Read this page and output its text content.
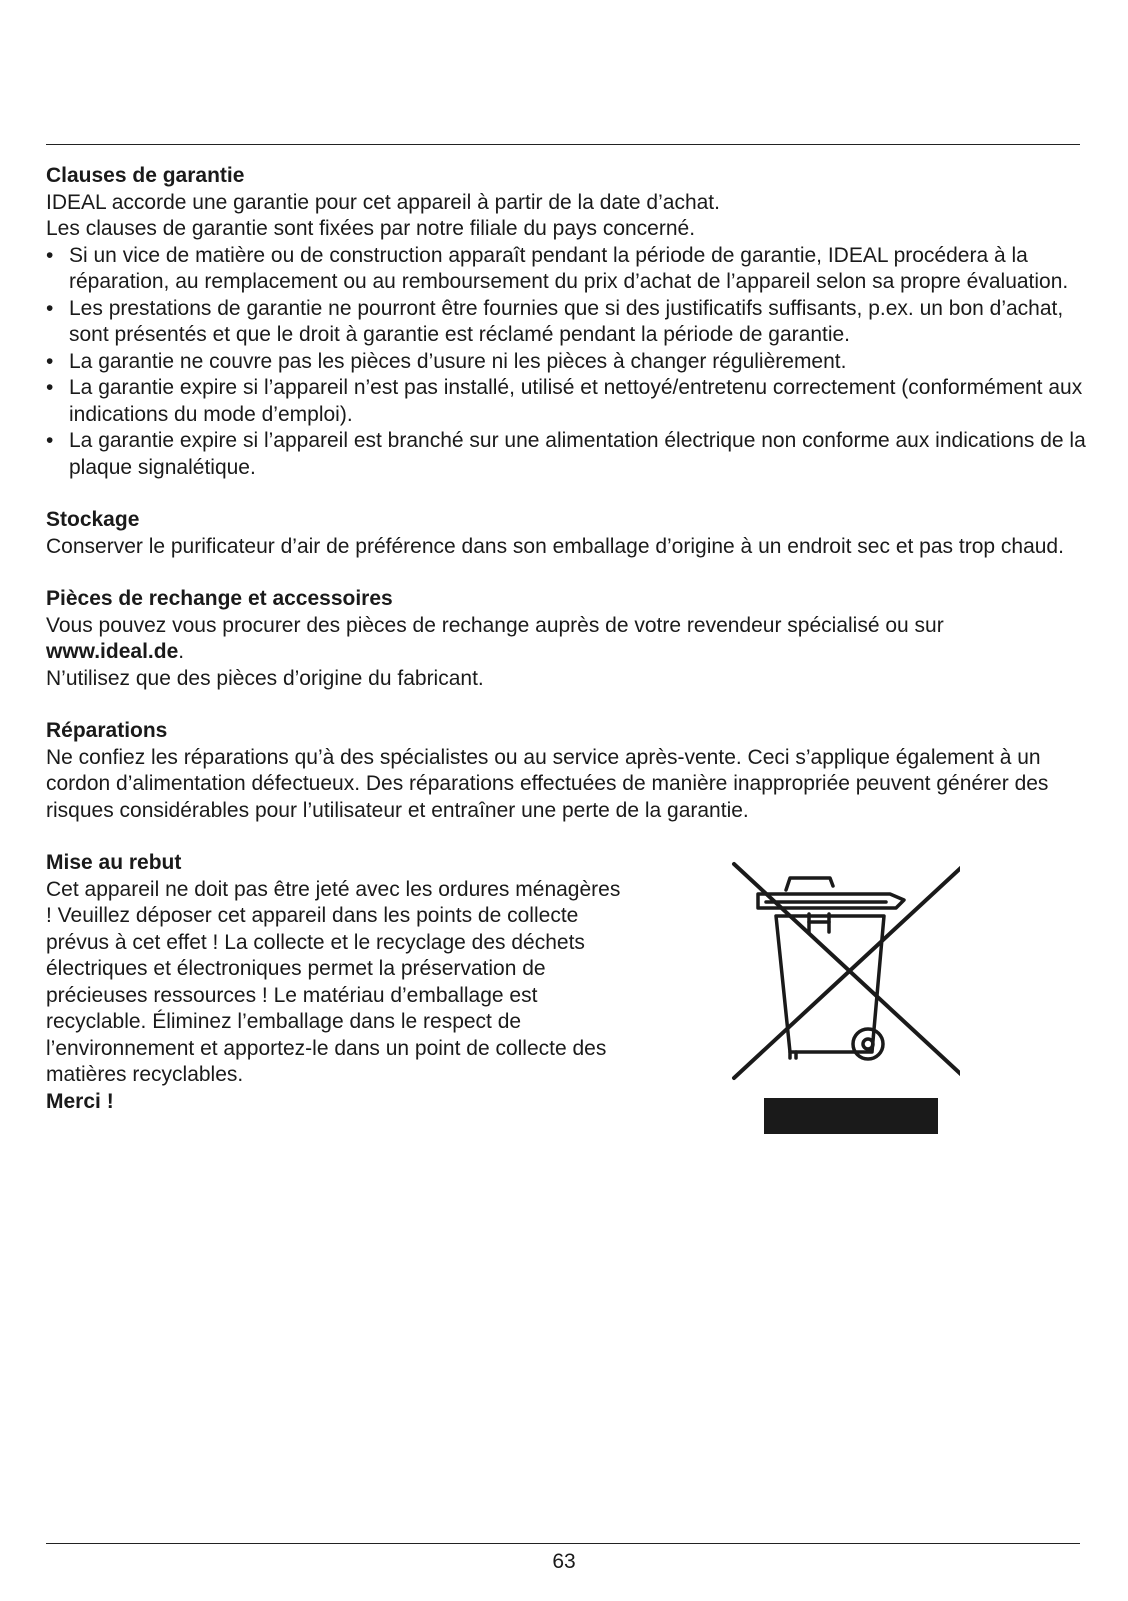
Clauses de garantie
IDEAL accorde une garantie pour cet appareil à partir de la date d’achat.
Les clauses de garantie sont fixées par notre filiale du pays concerné.
• Si un vice de matière ou de construction apparaît pendant la période de garantie, IDEAL procédera à la réparation, au remplacement ou au remboursement du prix d’achat de l’appareil selon sa propre évaluation.
• Les prestations de garantie ne pourront être fournies que si des justificatifs suffisants, p.ex. un bon d’achat, sont présentés et que le droit à garantie est réclamé pendant la période de garantie.
• La garantie ne couvre pas les pièces d’usure ni les pièces à changer régulièrement.
• La garantie expire si l’appareil n’est pas installé, utilisé et nettoyé/entretenu correctement (conformément aux indications du mode d’emploi).
• La garantie expire si l’appareil est branché sur une alimentation électrique non conforme aux indications de la plaque signalétique.
Stockage
Conserver le purificateur d’air de préférence dans son emballage d’origine à un endroit sec et pas trop chaud.
Pièces de rechange et accessoires
Vous pouvez vous procurer des pièces de rechange auprès de votre revendeur spécialisé ou sur www.ideal.de.
N’utilisez que des pièces d’origine du fabricant.
Réparations
Ne confiez les réparations qu’à des spécialistes ou au service après-vente. Ceci s’applique également à un cordon d’alimentation défectueux. Des réparations effectuées de manière inappropriée peuvent générer des risques considérables pour l’utilisateur et entraîner une perte de la garantie.
Mise au rebut
Cet appareil ne doit pas être jeté avec les ordures ménagères ! Veuillez déposer cet appareil dans les points de collecte prévus à cet effet ! La collecte et le recyclage des déchets électriques et électroniques permet la préservation de précieuses ressources ! Le matériau d’emballage est recyclable. Éliminez l’emballage dans le respect de l’environnement et apportez-le dans un point de collecte des matières recyclables.
Merci !
63
